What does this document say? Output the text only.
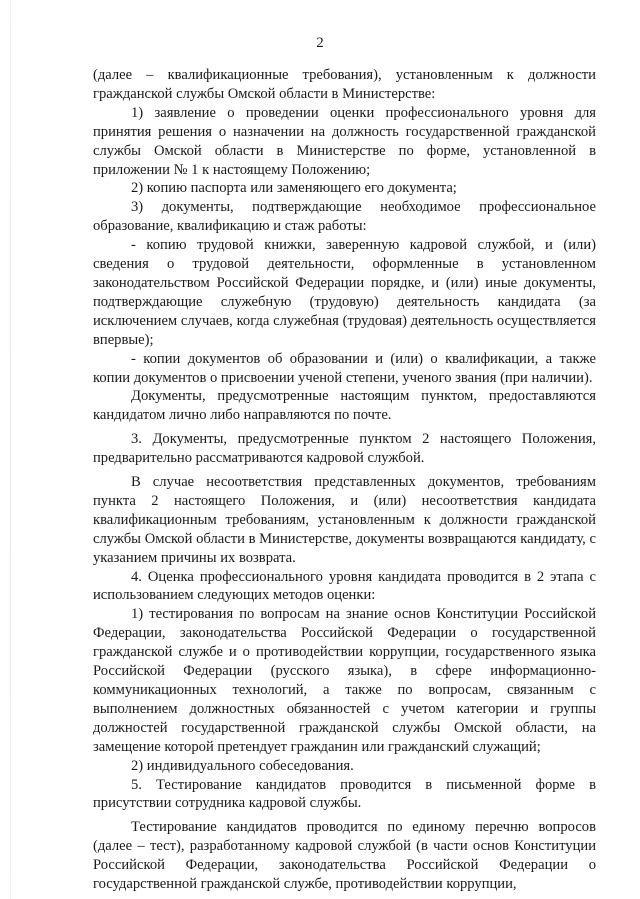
2

(далее – квалификационные требования), установленным к должности гражданской службы Омской области в Министерстве:

1) заявление о проведении оценки профессионального уровня для принятия решения о назначении на должность государственной гражданской службы Омской области в Министерстве по форме, установленной в приложении № 1 к настоящему Положению;

2) копию паспорта или заменяющего его документа;

3) документы, подтверждающие необходимое профессиональное образование, квалификацию и стаж работы:

- копию трудовой книжки, заверенную кадровой службой, и (или) сведения о трудовой деятельности, оформленные в установленном законодательством Российской Федерации порядке, и (или) иные документы, подтверждающие служебную (трудовую) деятельность кандидата (за исключением случаев, когда служебная (трудовая) деятельность осуществляется впервые);

- копии документов об образовании и (или) о квалификации, а также копии документов о присвоении ученой степени, ученого звания (при наличии).

Документы, предусмотренные настоящим пунктом, предоставляются кандидатом лично либо направляются по почте.

3. Документы, предусмотренные пунктом 2 настоящего Положения, предварительно рассматриваются кадровой службой.

В случае несоответствия представленных документов, требованиям пункта 2 настоящего Положения, и (или) несоответствия кандидата квалификационным требованиям, установленным к должности гражданской службы Омской области в Министерстве, документы возвращаются кандидату, с указанием причины их возврата.

4. Оценка профессионального уровня кандидата проводится в 2 этапа с использованием следующих методов оценки:

1) тестирования по вопросам на знание основ Конституции Российской Федерации, законодательства Российской Федерации о государственной гражданской службе и о противодействии коррупции, государственного языка Российской Федерации (русского языка), в сфере информационно-коммуникационных технологий, а также по вопросам, связанным с выполнением должностных обязанностей с учетом категории и группы должностей государственной гражданской службы Омской области, на замещение которой претендует гражданин или гражданский служащий;

2) индивидуального собеседования.

5. Тестирование кандидатов проводится в письменной форме в присутствии сотрудника кадровой службы.

Тестирование кандидатов проводится по единому перечню вопросов (далее – тест), разработанному кадровой службой (в части основ Конституции Российской Федерации, законодательства Российской Федерации о государственной гражданской службе, противодействии коррупции,
